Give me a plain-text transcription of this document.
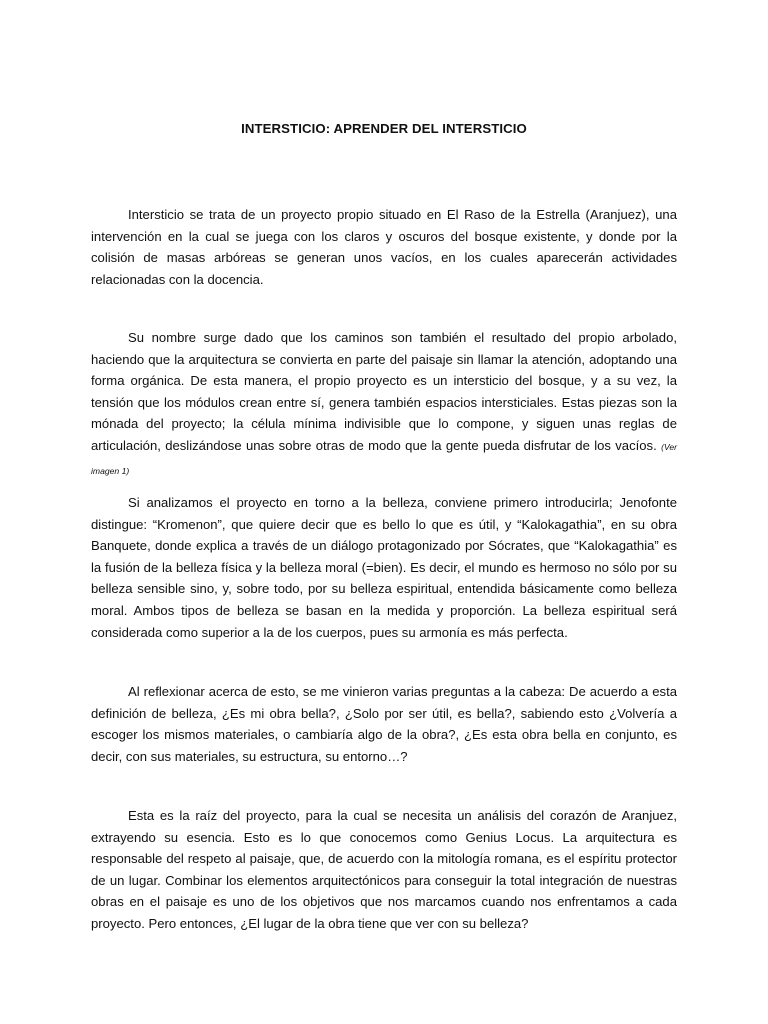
INTERSTICIO: APRENDER DEL INTERSTICIO

Intersticio se trata de un proyecto propio situado en El Raso de la Estrella (Aranjuez), una intervención en la cual se juega con los claros y oscuros del bosque existente, y donde por la colisión de masas arbóreas se generan unos vacíos, en los cuales aparecerán actividades relacionadas con la docencia.

Su nombre surge dado que los caminos son también el resultado del propio arbolado, haciendo que la arquitectura se convierta en parte del paisaje sin llamar la atención, adoptando una forma orgánica. De esta manera, el propio proyecto es un intersticio del bosque, y a su vez, la tensión que los módulos crean entre sí, genera también espacios intersticiales. Estas piezas son la mónada del proyecto; la célula mínima indivisible que lo compone, y siguen unas reglas de articulación, deslizándose unas sobre otras de modo que la gente pueda disfrutar de los vacíos. (Ver imagen 1)

Si analizamos el proyecto en torno a la belleza, conviene primero introducirla; Jenofonte distingue: “Kromenon”, que quiere decir que es bello lo que es útil, y “Kalokagathia”, en su obra Banquete, donde explica a través de un diálogo protagonizado por Sócrates, que “Kalokagathia” es la fusión de la belleza física y la belleza moral (=bien). Es decir, el mundo es hermoso no sólo por su belleza sensible sino, y, sobre todo, por su belleza espiritual, entendida básicamente como belleza moral. Ambos tipos de belleza se basan en la medida y proporción. La belleza espiritual será considerada como superior a la de los cuerpos, pues su armonía es más perfecta.

Al reflexionar acerca de esto, se me vinieron varias preguntas a la cabeza: De acuerdo a esta definición de belleza, ¿Es mi obra bella?, ¿Solo por ser útil, es bella?, sabiendo esto ¿Volvería a escoger los mismos materiales, o cambiaría algo de la obra?, ¿Es esta obra bella en conjunto, es decir, con sus materiales, su estructura, su entorno…?

Esta es la raíz del proyecto, para la cual se necesita un análisis del corazón de Aranjuez, extrayendo su esencia. Esto es lo que conocemos como Genius Locus. La arquitectura es responsable del respeto al paisaje, que, de acuerdo con la mitología romana, es el espíritu protector de un lugar. Combinar los elementos arquitectónicos para conseguir la total integración de nuestras obras en el paisaje es uno de los objetivos que nos marcamos cuando nos enfrentamos a cada proyecto. Pero entonces, ¿El lugar de la obra tiene que ver con su belleza?
